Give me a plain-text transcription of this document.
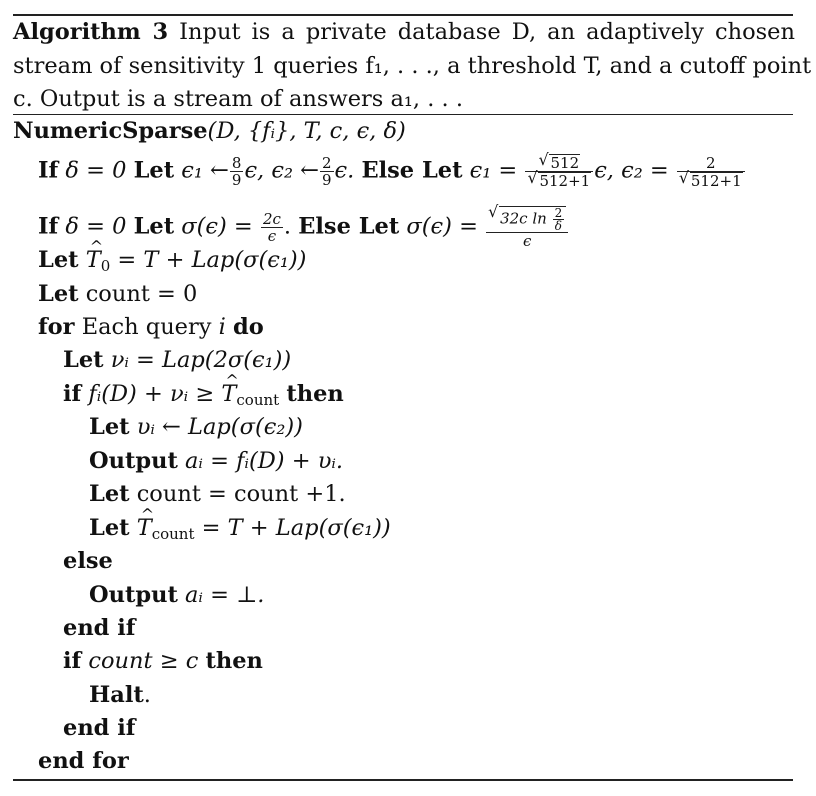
Algorithm 3 Input is a private database D, an adaptively chosen
stream of sensitivity 1 queries f₁, . . ., a threshold T, and a cutoff point
c. Output is a stream of answers a₁, . . .
NumericSparse(D, {fᵢ}, T, c, ϵ, δ)
If δ = 0 Let ϵ₁ ← $\frac{8}{9} \epsilon$, ϵ₂ ← $\frac{2}{9} \epsilon$. Else Let ϵ₁ = √ 512
√ 512+1 ϵ, ϵ₂ = 2
√ 512+1
If δ = 0 Let $\sigma(\epsilon) = \frac{2c}{\epsilon}$ . Else Let σ(ϵ) = √ $\frac{32c \ln \frac{2}{\delta}}{\epsilon}$
Let ^ $T_0 = T + Lap(\sigma(\epsilon_1))$
Let count = 0
for Each query i do
Let νᵢ = Lap(2σ(ϵ₁))
if fᵢ(D) + νᵢ ≥ ^ $T_{count}$ then
Let υᵢ ← Lap(σ(ϵ₂))
Output aᵢ = fᵢ(D) + υᵢ.
Let count = count +1.
Let ^ $T_{count} = T + Lap(\sigma(\epsilon_1))$
else
Output aᵢ = ⊥.
end if
if count ≥ c then
Halt.
end if
end for
